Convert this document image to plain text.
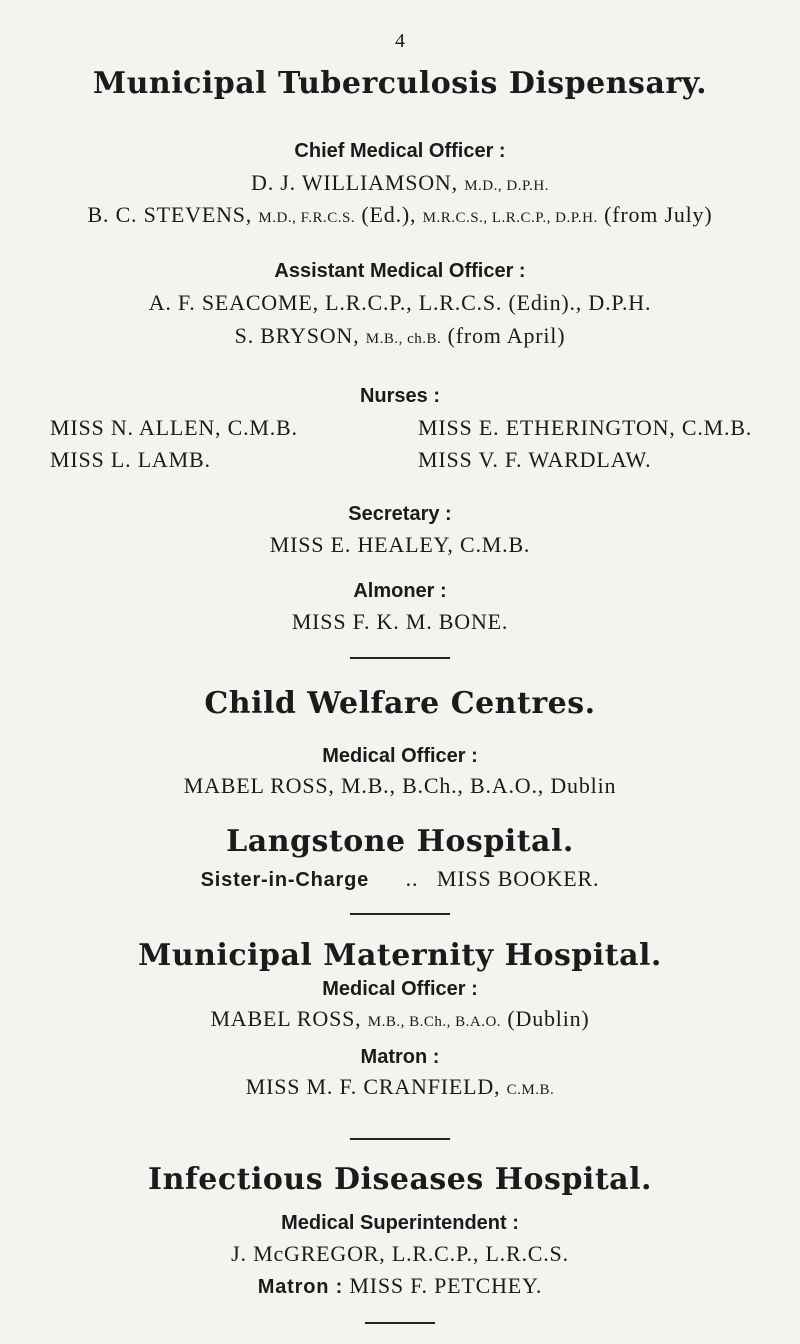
4
Municipal Tuberculosis Dispensary.
Chief Medical Officer :
D. J. WILLIAMSON, M.D., D.P.H.
B. C. STEVENS, M.D., F.R.C.S. (Ed.), M.R.C.S., L.R.C.P., D.P.H. (from July)
Assistant Medical Officer :
A. F. SEACOME, L.R.C.P., L.R.C.S. (Edin)., D.P.H.
S. BRYSON, M.B., ch.B. (from April)
Nurses :
MISS N. ALLEN, C.M.B.	MISS E. ETHERINGTON, C.M.B.
MISS L. LAMB.	MISS V. F. WARDLAW.
Secretary :
MISS E. HEALEY, C.M.B.
Almoner :
MISS F. K. M. BONE.
Child Welfare Centres.
Medical Officer :
MABEL ROSS, M.B., B.Ch., B.A.O., Dublin
Langstone Hospital.
Sister-in-Charge .. MISS BOOKER.
Municipal Maternity Hospital.
Medical Officer :
MABEL ROSS, M.B., B.Ch., B.A.O. (Dublin)
Matron :
MISS M. F. CRANFIELD, C.M.B.
Infectious Diseases Hospital.
Medical Superintendent :
J. McGREGOR, L.R.C.P., L.R.C.S.
Matron : MISS F. PETCHEY.
